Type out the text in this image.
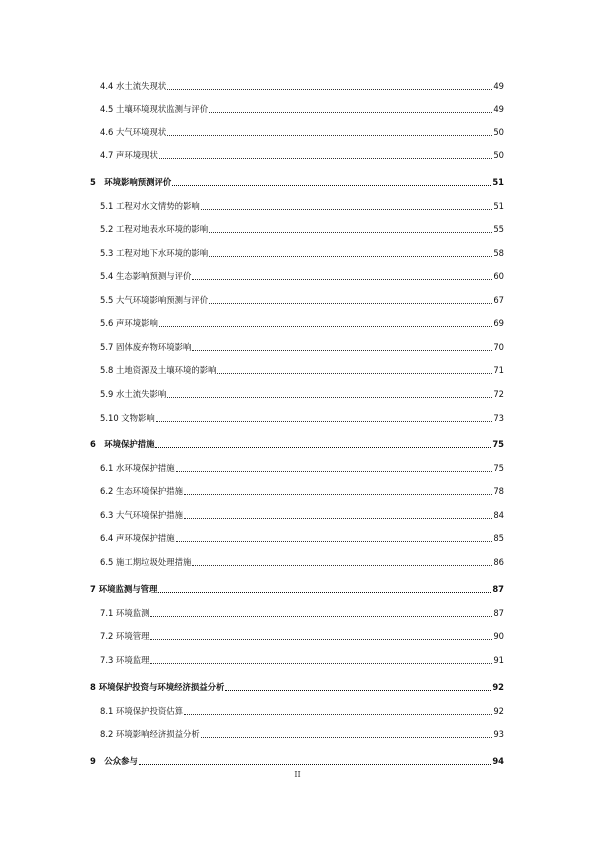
4.4 水土流失现状	49
4.5 土壤环境现状监测与评价	49
4.6 大气环境现状	50
4.7 声环境现状	50
5　环境影响预测评价	51
5.1 工程对水文情势的影响	51
5.2 工程对地表水环境的影响	55
5.3 工程对地下水环境的影响	58
5.4 生态影响预测与评价	60
5.5 大气环境影响预测与评价	67
5.6 声环境影响	69
5.7 固体废弃物环境影响	70
5.8 土地资源及土壤环境的影响	71
5.9 水土流失影响	72
5.10 文物影响	73
6　环境保护措施	75
6.1 水环境保护措施	75
6.2 生态环境保护措施	78
6.3 大气环境保护措施	84
6.4 声环境保护措施	85
6.5 施工期垃圾处理措施	86
7 环境监测与管理	87
7.1 环境监测	87
7.2 环境管理	90
7.3 环境监理	91
8 环境保护投资与环境经济损益分析	92
8.1 环境保护投资估算	92
8.2 环境影响经济损益分析	93
9　公众参与	94
II
